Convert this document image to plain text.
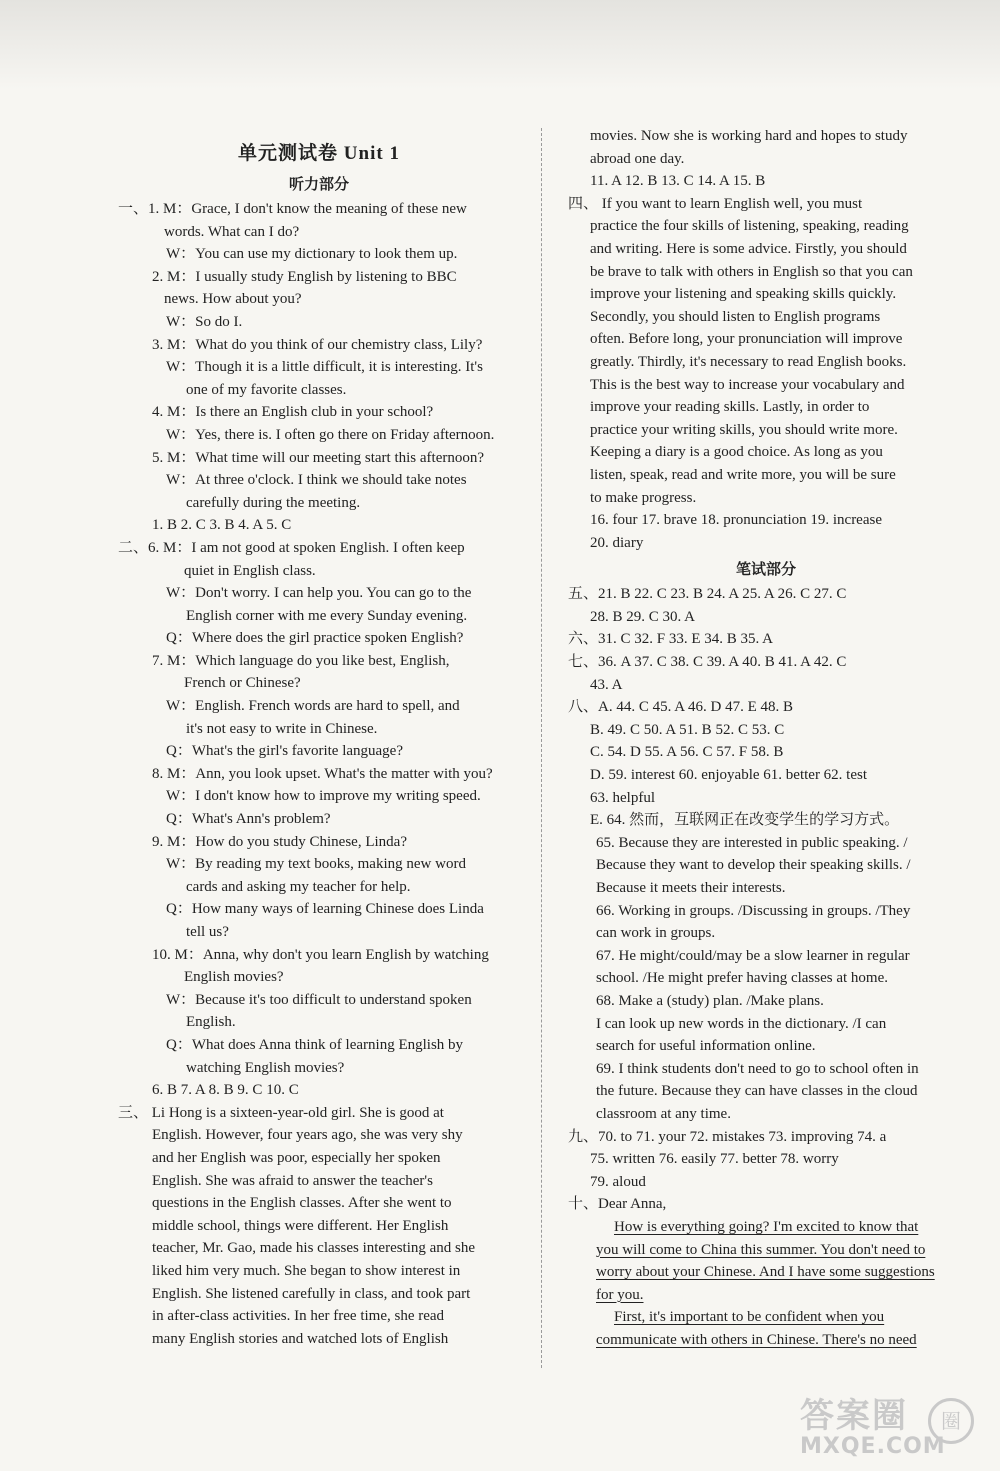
单元测试卷 Unit 1
听力部分
一、1. M：Grace, I don't know the meaning of these new
words. What can I do?
W：You can use my dictionary to look them up.
2. M：I usually study English by listening to BBC
news. How about you?
W：So do I.
3. M：What do you think of our chemistry class, Lily?
W：Though it is a little difficult, it is interesting. It's
one of my favorite classes.
4. M：Is there an English club in your school?
W：Yes, there is. I often go there on Friday afternoon.
5. M：What time will our meeting start this afternoon?
W：At three o'clock. I think we should take notes
carefully during the meeting.
1. B 2. C 3. B 4. A 5. C
二、6. M：I am not good at spoken English. I often keep
quiet in English class.
W：Don't worry. I can help you. You can go to the
English corner with me every Sunday evening.
Q：Where does the girl practice spoken English?
7. M：Which language do you like best, English,
French or Chinese?
W：English. French words are hard to spell, and
it's not easy to write in Chinese.
Q：What's the girl's favorite language?
8. M：Ann, you look upset. What's the matter with you?
W：I don't know how to improve my writing speed.
Q：What's Ann's problem?
9. M：How do you study Chinese, Linda?
W：By reading my text books, making new word
cards and asking my teacher for help.
Q：How many ways of learning Chinese does Linda
tell us?
10. M：Anna, why don't you learn English by watching
English movies?
W：Because it's too difficult to understand spoken
English.
Q：What does Anna think of learning English by
watching English movies?
6. B 7. A 8. B 9. C 10. C
三、 Li Hong is a sixteen-year-old girl. She is good at
English. However, four years ago, she was very shy
and her English was poor, especially her spoken
English. She was afraid to answer the teacher's
questions in the English classes. After she went to
middle school, things were different. Her English
teacher, Mr. Gao, made his classes interesting and she
liked him very much. She began to show interest in
English. She listened carefully in class, and took part
in after-class activities. In her free time, she read
many English stories and watched lots of English
movies. Now she is working hard and hopes to study
abroad one day.
11. A 12. B 13. C 14. A 15. B
四、 If you want to learn English well, you must
practice the four skills of listening, speaking, reading
and writing. Here is some advice. Firstly, you should
be brave to talk with others in English so that you can
improve your listening and speaking skills quickly.
Secondly, you should listen to English programs
often. Before long, your pronunciation will improve
greatly. Thirdly, it's necessary to read English books.
This is the best way to increase your vocabulary and
improve your reading skills. Lastly, in order to
practice your writing skills, you should write more.
Keeping a diary is a good choice. As long as you
listen, speak, read and write more, you will be sure
to make progress.
16. four 17. brave 18. pronunciation 19. increase
20. diary
笔试部分
五、21. B 22. C 23. B 24. A 25. A 26. C 27. C
28. B 29. C 30. A
六、31. C 32. F 33. E 34. B 35. A
七、36. A 37. C 38. C 39. A 40. B 41. A 42. C
43. A
八、A. 44. C 45. A 46. D 47. E 48. B
B. 49. C 50. A 51. B 52. C 53. C
C. 54. D 55. A 56. C 57. F 58. B
D. 59. interest 60. enjoyable 61. better 62. test
63. helpful
E. 64. 然而，互联网正在改变学生的学习方式。
65. Because they are interested in public speaking. /
Because they want to develop their speaking skills. /
Because it meets their interests.
66. Working in groups. /Discussing in groups. /They
can work in groups.
67. He might/could/may be a slow learner in regular
school. /He might prefer having classes at home.
68. Make a (study) plan. /Make plans.
I can look up new words in the dictionary. /I can
search for useful information online.
69. I think students don't need to go to school often in
the future. Because they can have classes in the cloud
classroom at any time.
九、70. to 71. your 72. mistakes 73. improving 74. a
75. written 76. easily 77. better 78. worry
79. aloud
十、Dear Anna,
How is everything going? I'm excited to know that
you will come to China this summer. You don't need to
worry about your Chinese. And I have some suggestions
for you.
First, it's important to be confident when you
communicate with others in Chinese. There's no need
答案圈
MXQE.COM
圈
